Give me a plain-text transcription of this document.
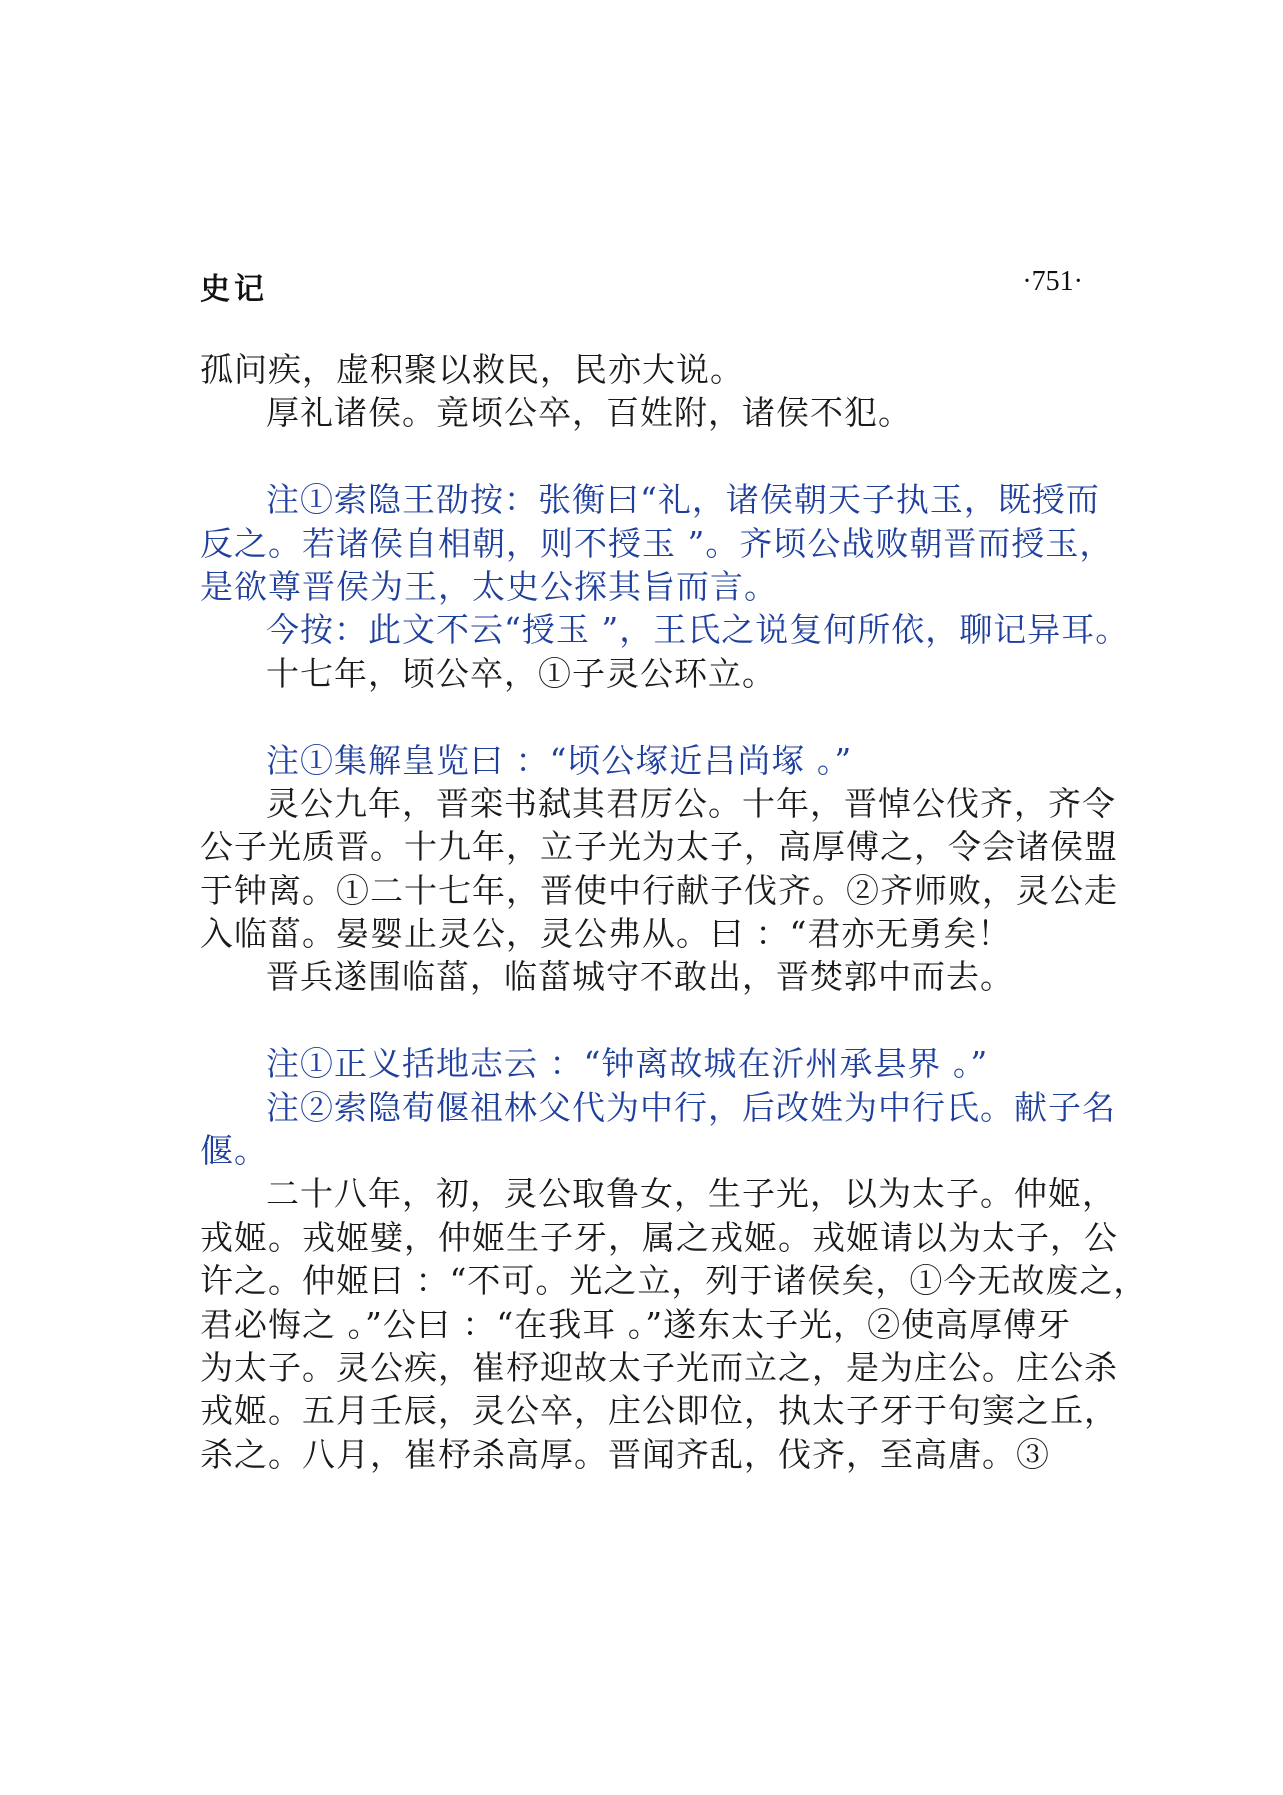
史记	·751·
孤问疾，虚积聚以救民，民亦大说。
厚礼诸侯。竟顷公卒，百姓附，诸侯不犯。
注①索隐王劭按：张衡曰“礼，诸侯朝天子执玉，既授而
反之。若诸侯自相朝，则不授玉 ”。齐顷公战败朝晋而授玉，
是欲尊晋侯为王，太史公探其旨而言。
今按：此文不云“授玉 ”，王氏之说复何所依，聊记异耳。
十七年，顷公卒，①子灵公环立。
注①集解皇览曰 ：“顷公塚近吕尚塚 。”
灵公九年，晋栾书弑其君厉公。十年，晋悼公伐齐，齐令
公子光质晋。十九年，立子光为太子，高厚傅之，令会诸侯盟
于钟离。①二十七年，晋使中行献子伐齐。②齐师败，灵公走
入临菑。晏婴止灵公，灵公弗从。曰 ：“君亦无勇矣！
晋兵遂围临菑，临菑城守不敢出，晋焚郭中而去。
注①正义括地志云 ：“钟离故城在沂州承县界 。”
注②索隐荀偃祖林父代为中行，后改姓为中行氏。献子名
偃。
二十八年，初，灵公取鲁女，生子光，以为太子。仲姬，
戎姬。戎姬嬖，仲姬生子牙，属之戎姬。戎姬请以为太子，公
许之。仲姬曰 ：“不可。光之立，列于诸侯矣，①今无故废之，
君必悔之 。”公曰 ：“在我耳 。”遂东太子光，②使高厚傅牙
为太子。灵公疾，崔杼迎故太子光而立之，是为庄公。庄公杀
戎姬。五月壬辰，灵公卒，庄公即位，执太子牙于句窦之丘，
杀之。八月，崔杼杀高厚。晋闻齐乱，伐齐，至高唐。③
